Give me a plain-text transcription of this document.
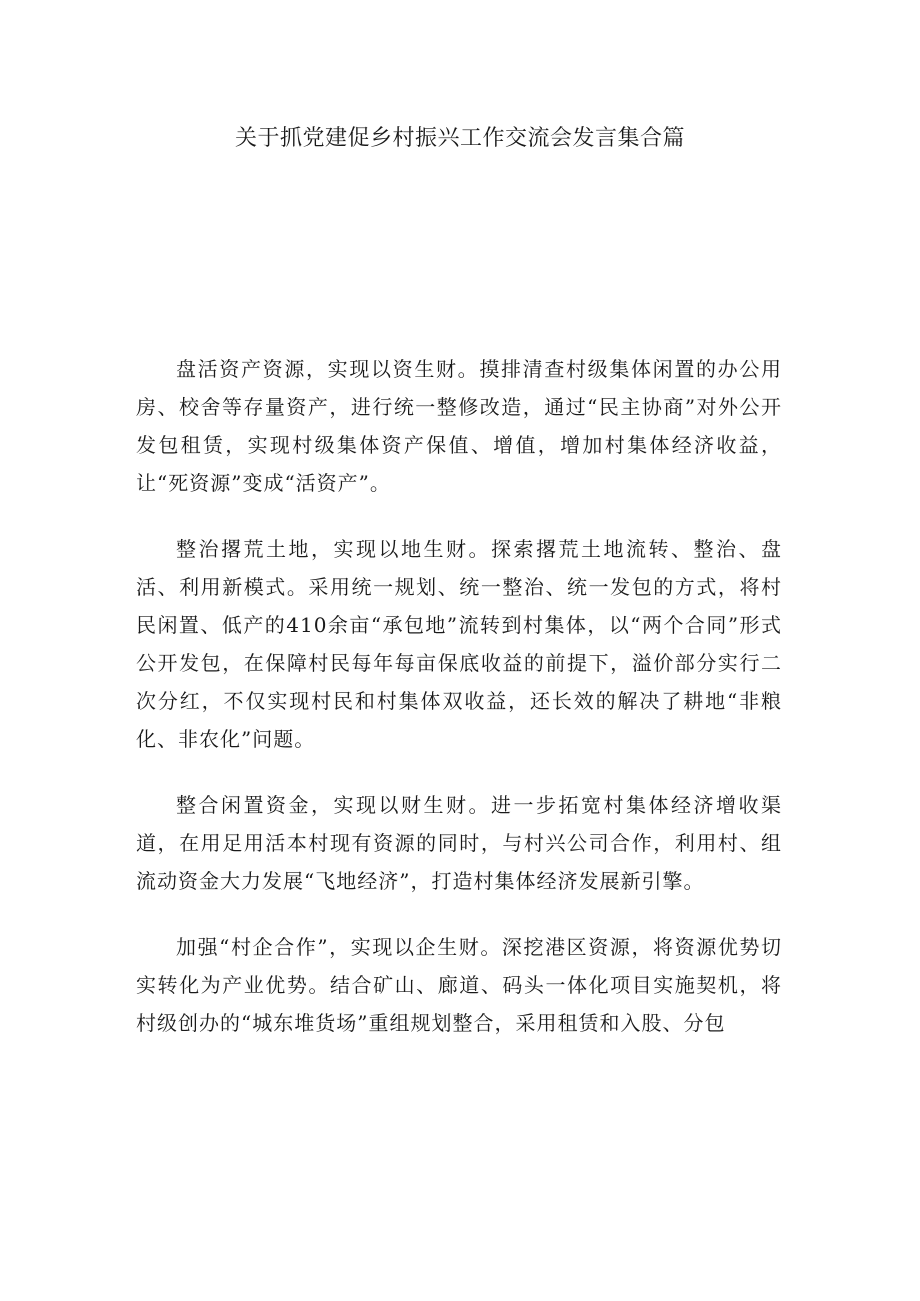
关于抓党建促乡村振兴工作交流会发言集合篇

盘活资产资源，实现以资生财。摸排清查村级集体闲置的办公用房、校舍等存量资产，进行统一整修改造，通过“民主协商”对外公开发包租赁，实现村级集体资产保值、增值，增加村集体经济收益，让“死资源”变成“活资产”。

整治撂荒土地，实现以地生财。探索撂荒土地流转、整治、盘活、利用新模式。采用统一规划、统一整治、统一发包的方式，将村民闲置、低产的410余亩“承包地”流转到村集体，以“两个合同”形式公开发包，在保障村民每年每亩保底收益的前提下，溢价部分实行二次分红，不仅实现村民和村集体双收益，还长效的解决了耕地“非粮化、非农化”问题。

整合闲置资金，实现以财生财。进一步拓宽村集体经济增收渠道，在用足用活本村现有资源的同时，与村兴公司合作，利用村、组流动资金大力发展“飞地经济”，打造村集体经济发展新引擎。

加强“村企合作”，实现以企生财。深挖港区资源，将资源优势切实转化为产业优势。结合矿山、廊道、码头一体化项目实施契机，将村级创办的“城东堆货场”重组规划整合，采用租赁和入股、分包
